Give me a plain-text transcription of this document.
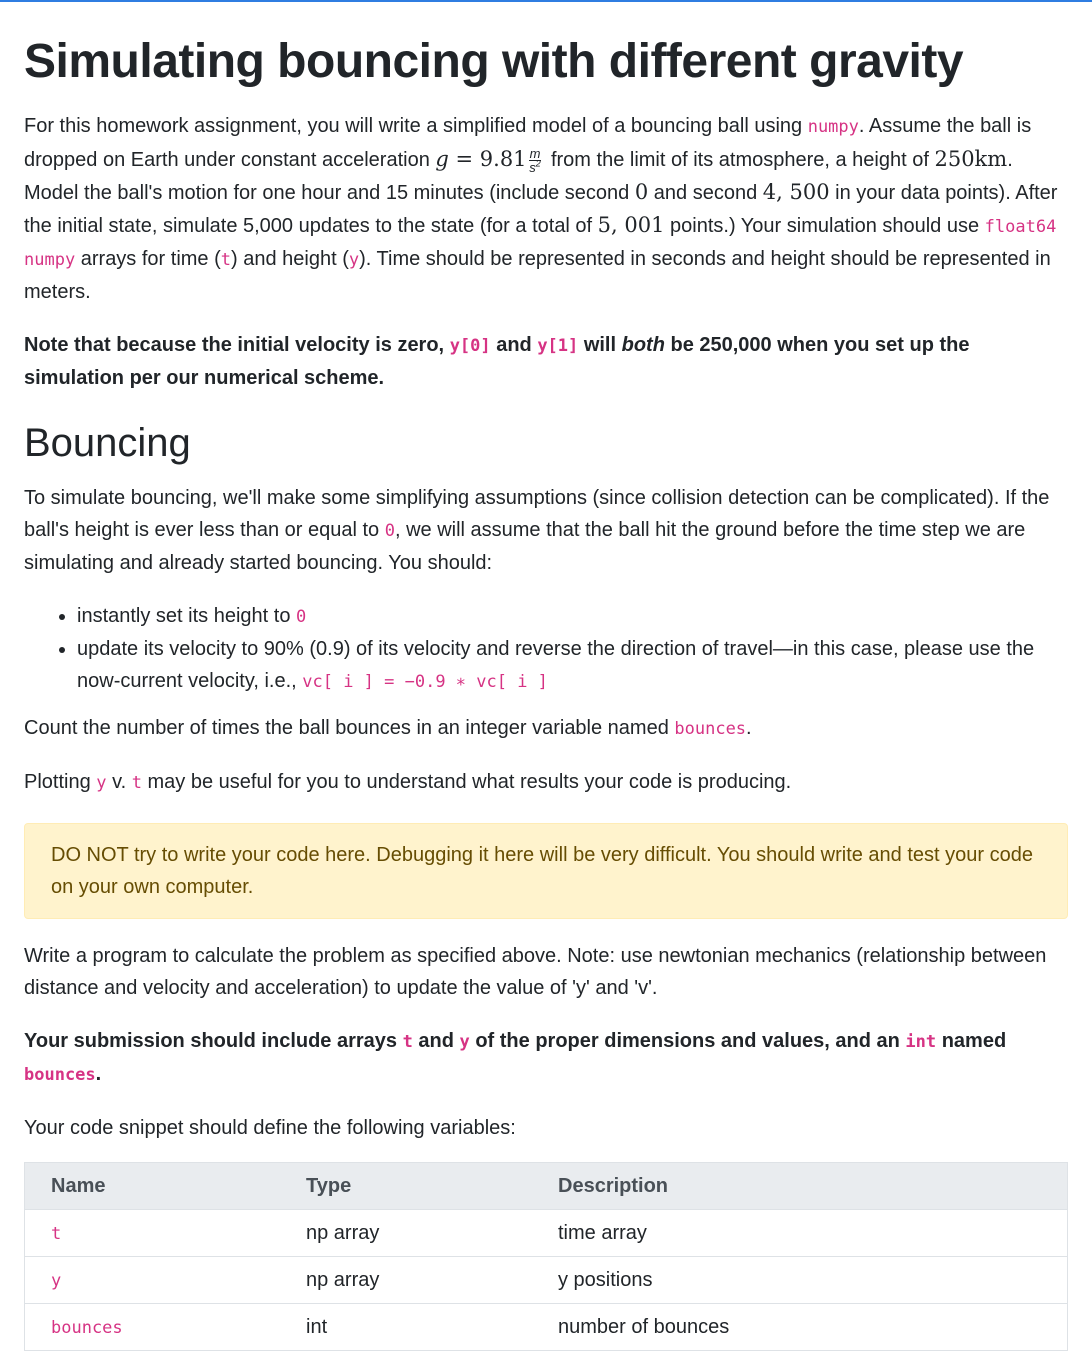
Simulating bouncing with different gravity

For this homework assignment, you will write a simplified model of a bouncing ball using numpy. Assume the ball is dropped on Earth under constant acceleration $g = 9.81 \frac{m}{s^2}$ from the limit of its atmosphere, a height of 250km. Model the ball's motion for one hour and 15 minutes (include second 0 and second 4, 500 in your data points). After the initial state, simulate 5,000 updates to the state (for a total of 5, 001 points.) Your simulation should use float64 numpy arrays for time (t) and height (y). Time should be represented in seconds and height should be represented in meters.

Note that because the initial velocity is zero, y[0] and y[1] will both be 250,000 when you set up the simulation per our numerical scheme.

Bouncing

To simulate bouncing, we'll make some simplifying assumptions (since collision detection can be complicated). If the ball's height is ever less than or equal to 0, we will assume that the ball hit the ground before the time step we are simulating and already started bouncing. You should:

• instantly set its height to 0
• update its velocity to 90% (0.9) of its velocity and reverse the direction of travel—in this case, please use the now-current velocity, i.e., vc[ i ] = −0.9 ∗ vc[ i ]

Count the number of times the ball bounces in an integer variable named bounces.

Plotting y v. t may be useful for you to understand what results your code is producing.

DO NOT try to write your code here. Debugging it here will be very difficult. You should write and test your code on your own computer.

Write a program to calculate the problem as specified above. Note: use newtonian mechanics (relationship between distance and velocity and acceleration) to update the value of 'y' and 'v'.

Your submission should include arrays t and y of the proper dimensions and values, and an int named bounces.

Your code snippet should define the following variables:

Name	Type	Description
t	np array	time array
y	np array	y positions
bounces	int	number of bounces
